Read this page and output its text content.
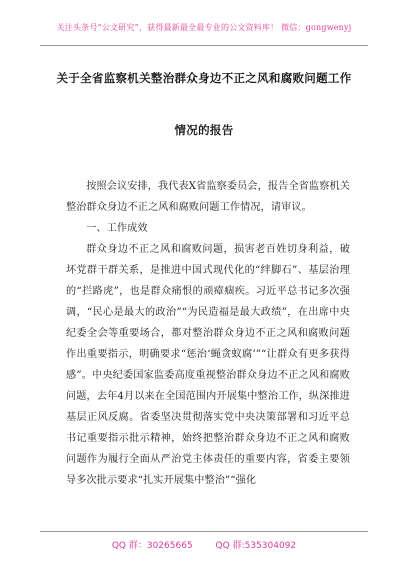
关注头条号“公文研究”，获得最新最全最专业的公文资料库！ 微信：gongwenyj
关于全省监察机关整治群众身边不正之风和腐败问题工作
情况的报告

按照会议安排，我代表X省监察委员会，报告全省监察机关整治群众身边不正之风和腐败问题工作情况，请审议。

一、工作成效

群众身边不正之风和腐败问题，损害老百姓切身利益，破坏党群干群关系，是推进中国式现代化的“绊脚石”、基层治理的“拦路虎”，也是群众痛恨的顽瘴痼疾。习近平总书记多次强调，“民心是最大的政治”“为民造福是最大政绩”，在出席中央纪委全会等重要场合，都对整治群众身边不正之风和腐败问题作出重要指示，明确要求“惩治‘蝇贪蚁腐’”“让群众有更多获得感”。中央纪委国家监委高度重视整治群众身边不正之风和腐败问题，去年4月以来在全国范围内开展集中整治工作，纵深推进基层正风反腐。省委坚决贯彻落实党中央决策部署和习近平总书记重要指示批示精神，始终把整治群众身边不正之风和腐败问题作为履行全面从严治党主体责任的重要内容，省委主要领导多次批示要求“扎实开展集中整治”“强化

QQ 群：30265665	QQ 群:535304092
